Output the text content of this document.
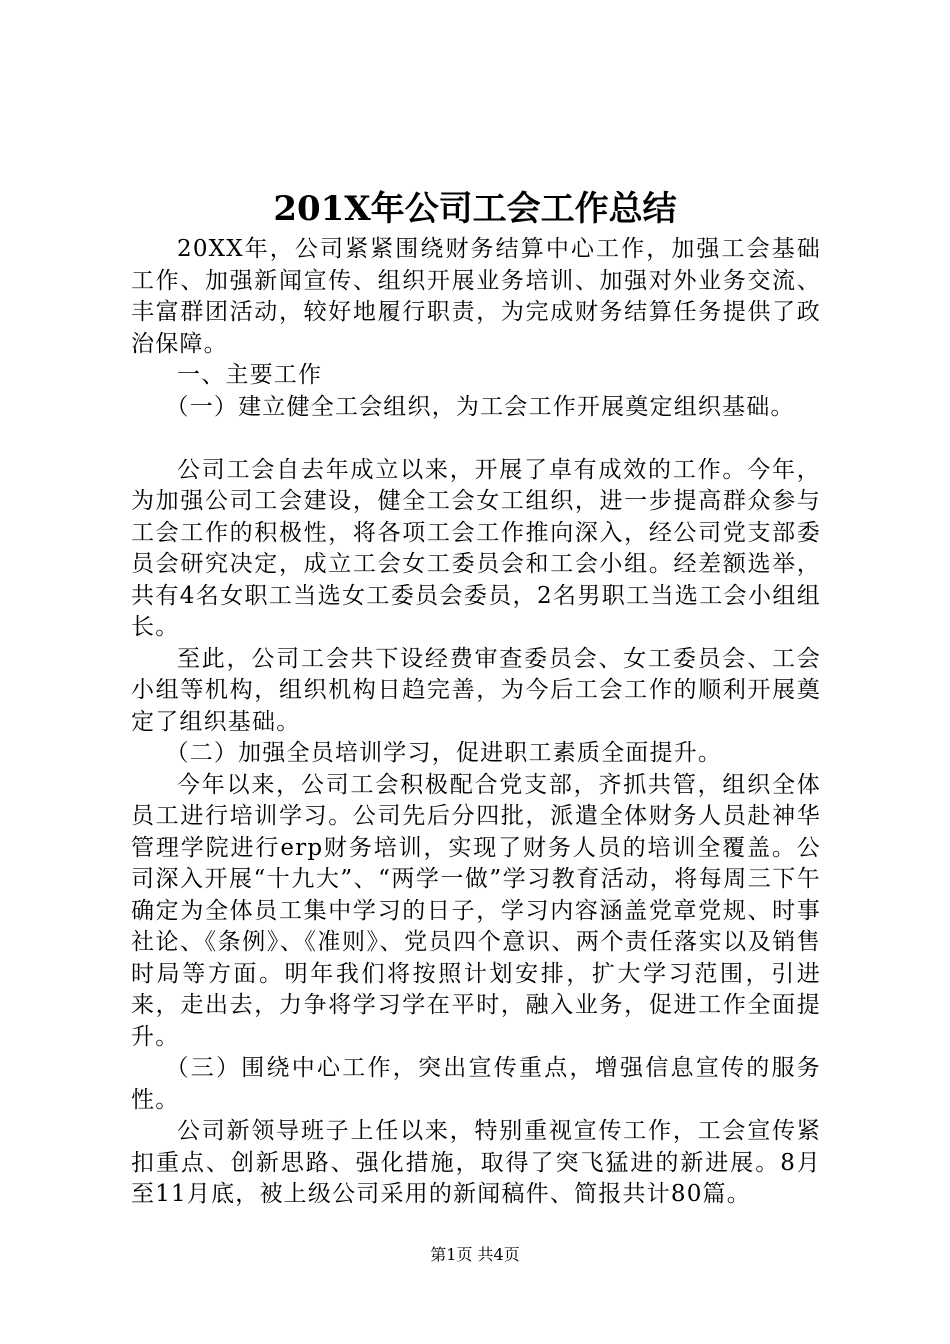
201X年公司工会工作总结

20XX年，公司紧紧围绕财务结算中心工作，加强工会基础工作、加强新闻宣传、组织开展业务培训、加强对外业务交流、丰富群团活动，较好地履行职责，为完成财务结算任务提供了政治保障。

一、主要工作

（一）建立健全工会组织，为工会工作开展奠定组织基础。

公司工会自去年成立以来，开展了卓有成效的工作。今年，为加强公司工会建设，健全工会女工组织，进一步提高群众参与工会工作的积极性，将各项工会工作推向深入，经公司党支部委员会研究决定，成立工会女工委员会和工会小组。经差额选举，共有4名女职工当选女工委员会委员，2名男职工当选工会小组组长。

至此，公司工会共下设经费审查委员会、女工委员会、工会小组等机构，组织机构日趋完善，为今后工会工作的顺利开展奠定了组织基础。

（二）加强全员培训学习，促进职工素质全面提升。

今年以来，公司工会积极配合党支部，齐抓共管，组织全体员工进行培训学习。公司先后分四批，派遣全体财务人员赴神华管理学院进行erp财务培训，实现了财务人员的培训全覆盖。公司深入开展“十九大”、“两学一做”学习教育活动，将每周三下午确定为全体员工集中学习的日子，学习内容涵盖党章党规、时事社论、《条例》、《准则》、党员四个意识、两个责任落实以及销售时局等方面。明年我们将按照计划安排，扩大学习范围，引进来，走出去，力争将学习学在平时，融入业务，促进工作全面提升。

（三）围绕中心工作，突出宣传重点，增强信息宣传的服务性。

公司新领导班子上任以来，特别重视宣传工作，工会宣传紧扣重点、创新思路、强化措施，取得了突飞猛进的新进展。8月至11月底，被上级公司采用的新闻稿件、简报共计80篇。

第1页 共4页
